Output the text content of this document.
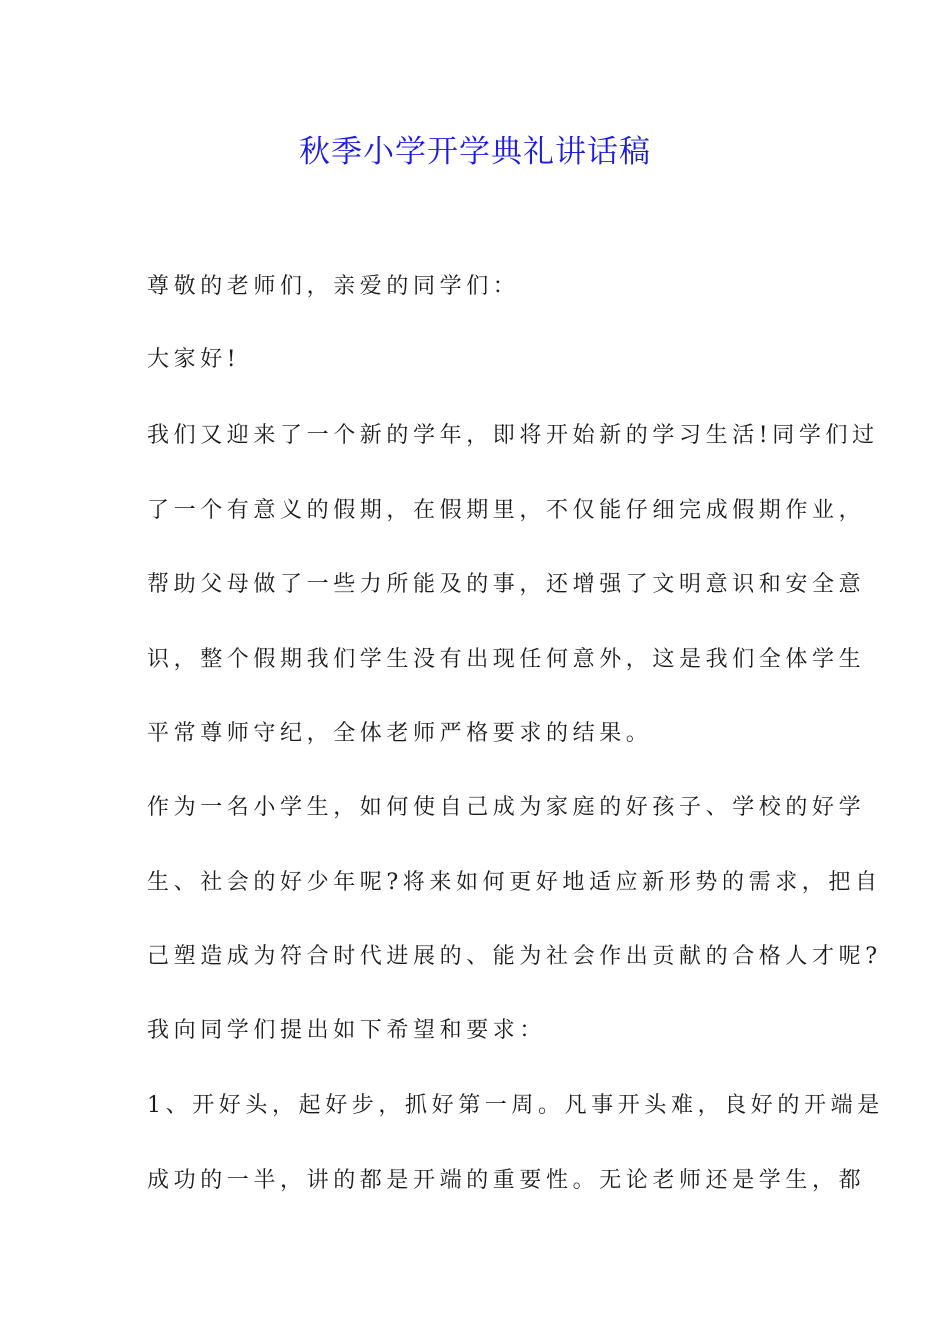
秋季小学开学典礼讲话稿

尊敬的老师们，亲爱的同学们：

大家好!

我们又迎来了一个新的学年，即将开始新的学习生活!同学们过

了一个有意义的假期，在假期里，不仅能仔细完成假期作业，

帮助父母做了一些力所能及的事，还增强了文明意识和安全意

识，整个假期我们学生没有出现任何意外，这是我们全体学生

平常尊师守纪，全体老师严格要求的结果。

作为一名小学生，如何使自己成为家庭的好孩子、学校的好学

生、社会的好少年呢?将来如何更好地适应新形势的需求，把自

己塑造成为符合时代进展的、能为社会作出贡献的合格人才呢?

我向同学们提出如下希望和要求：

1、开好头，起好步，抓好第一周。凡事开头难，良好的开端是

成功的一半，讲的都是开端的重要性。无论老师还是学生，都
